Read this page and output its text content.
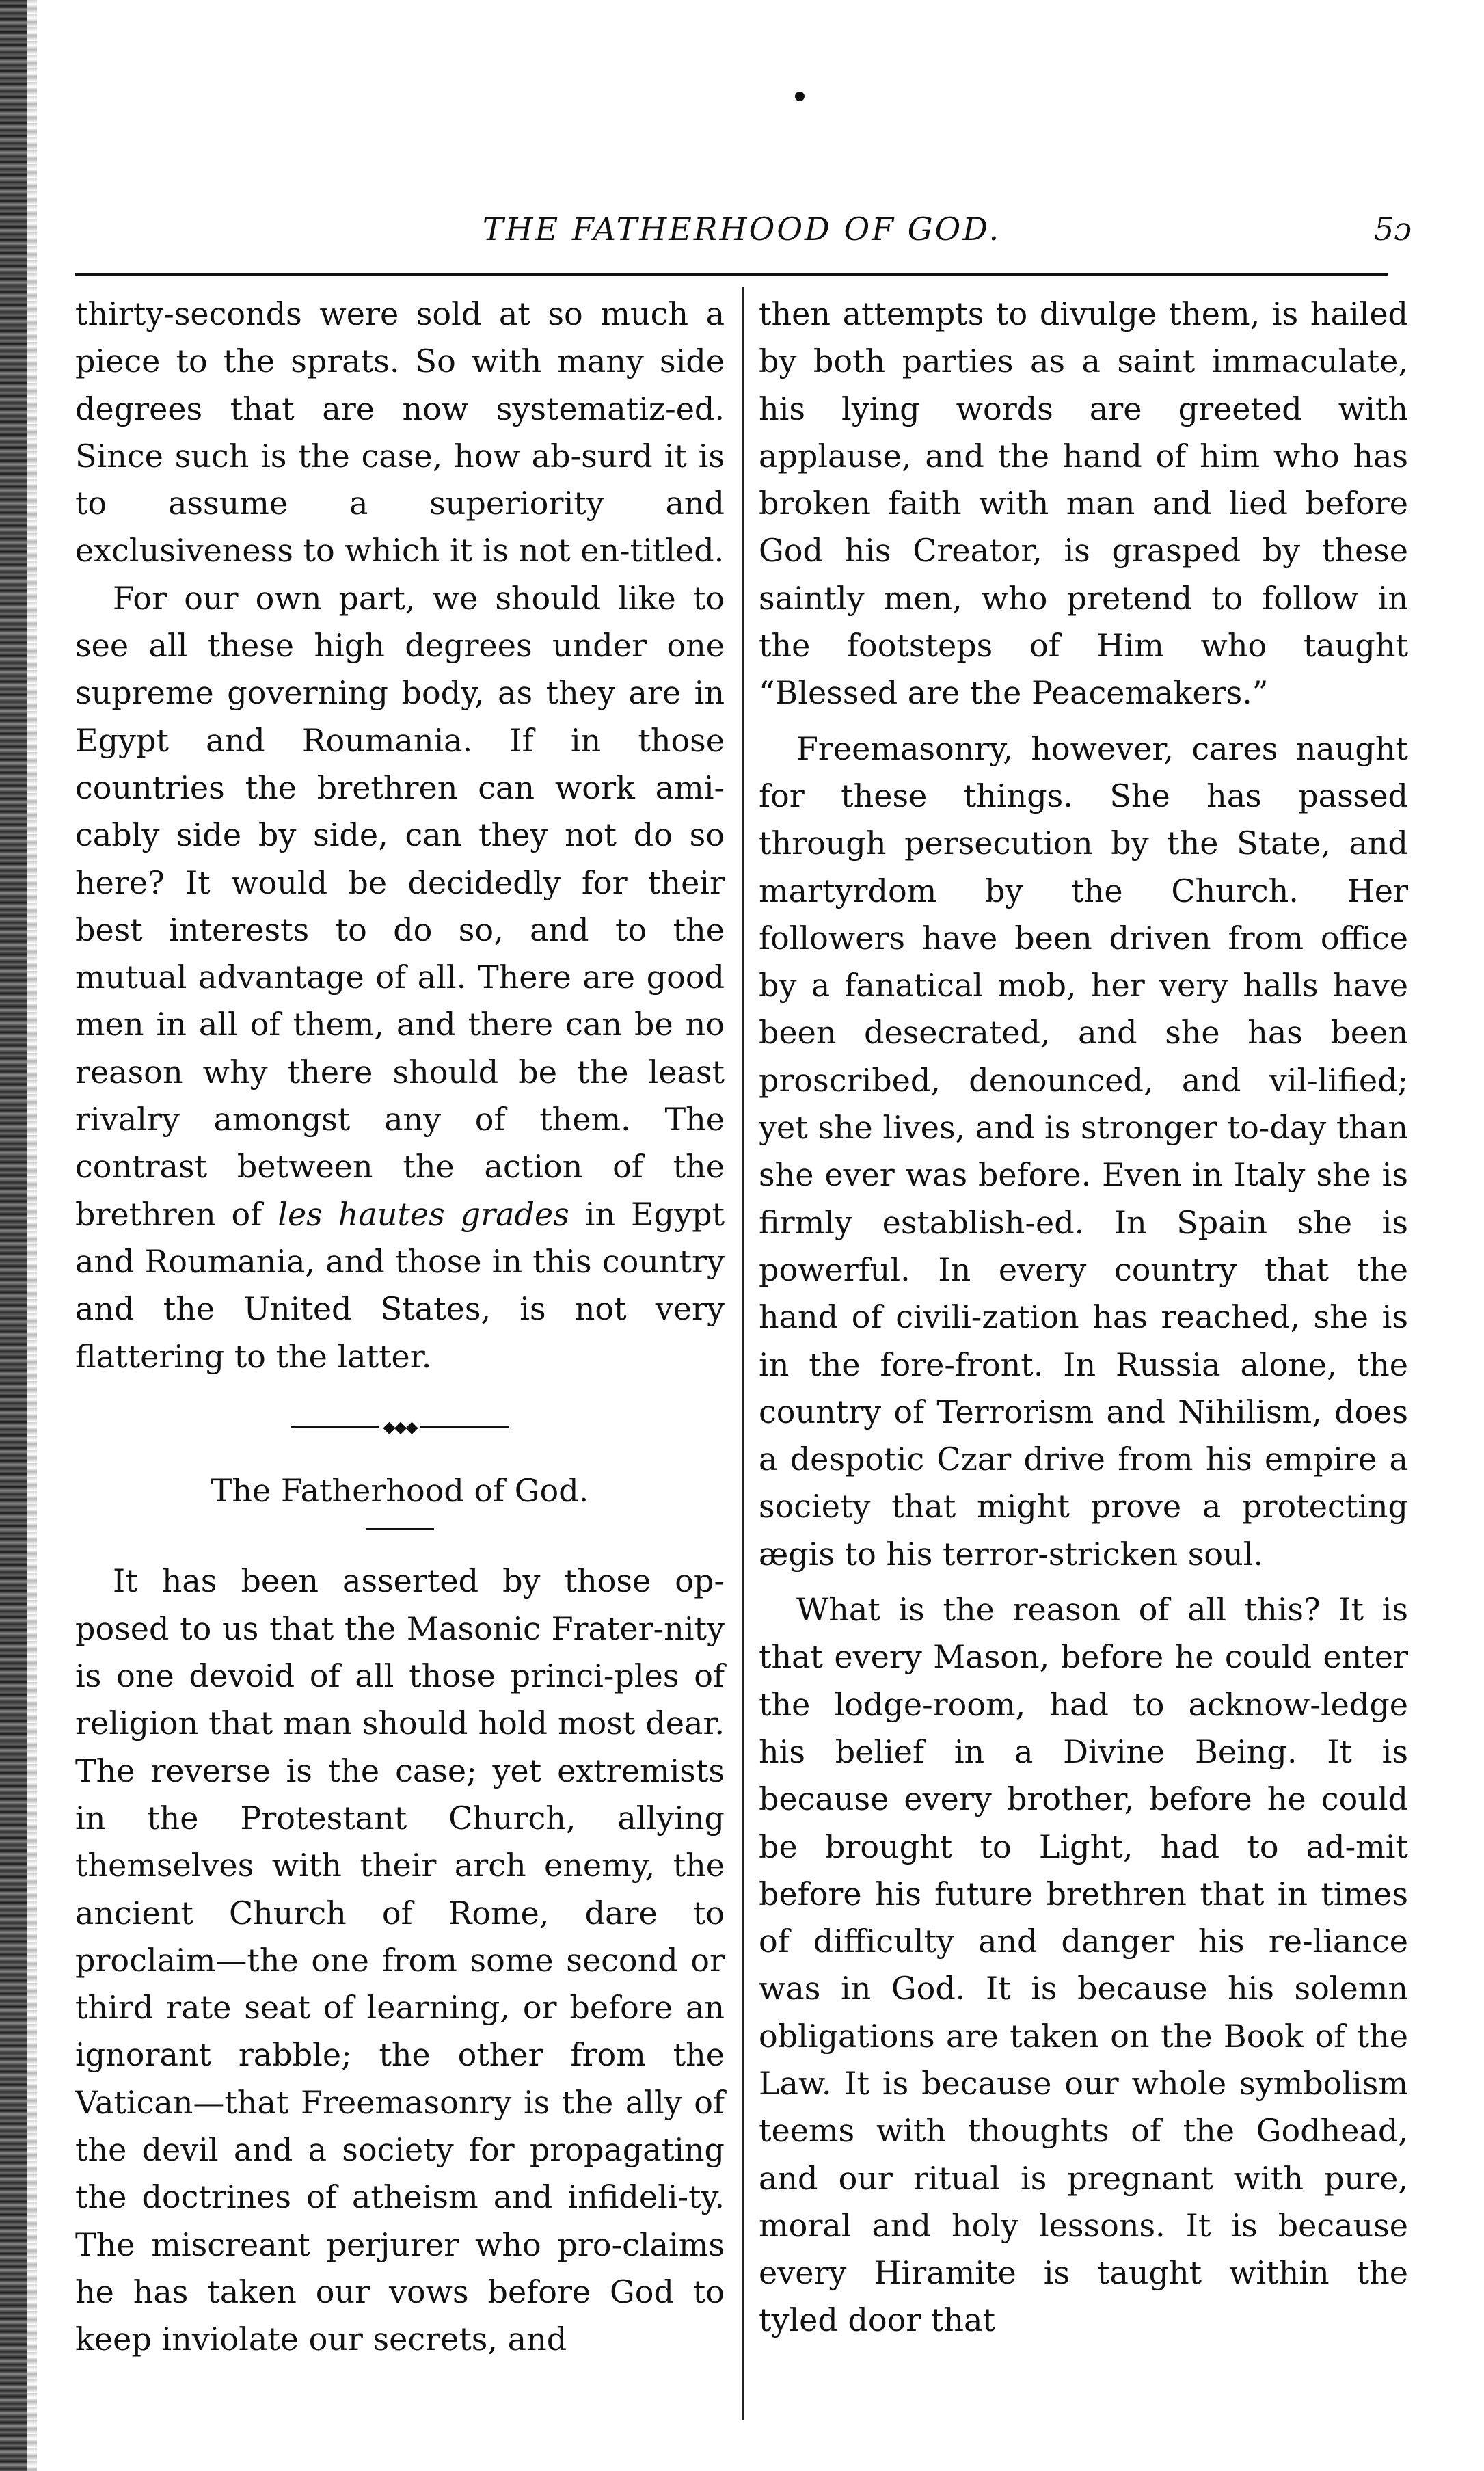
THE FATHERHOOD OF GOD.	5ɔ

thirty-seconds were sold at so much a piece to the sprats. So with many side degrees that are now systematiz-ed. Since such is the case, how ab-surd it is to assume a superiority and exclusiveness to which it is not en-titled.

For our own part, we should like to see all these high degrees under one supreme governing body, as they are in Egypt and Roumania. If in those countries the brethren can work ami-cably side by side, can they not do so here? It would be decidedly for their best interests to do so, and to the mutual advantage of all. There are good men in all of them, and there can be no reason why there should be the least rivalry amongst any of them. The contrast between the action of the brethren of les hautes grades in Egypt and Roumania, and those in this country and the United States, is not very flattering to the latter.

◆◆◆
The Fatherhood of God.

It has been asserted by those op-posed to us that the Masonic Frater-nity is one devoid of all those princi-ples of religion that man should hold most dear. The reverse is the case; yet extremists in the Protestant Church, allying themselves with their arch enemy, the ancient Church of Rome, dare to proclaim—the one from some second or third rate seat of learning, or before an ignorant rabble; the other from the Vatican—that Freemasonry is the ally of the devil and a society for propagating the doctrines of atheism and infideli-ty. The miscreant perjurer who pro-claims he has taken our vows before God to keep inviolate our secrets, and

then attempts to divulge them, is hailed by both parties as a saint immaculate, his lying words are greeted with applause, and the hand of him who has broken faith with man and lied before God his Creator, is grasped by these saintly men, who pretend to follow in the footsteps of Him who taught “Blessed are the Peacemakers.”

Freemasonry, however, cares naught for these things. She has passed through persecution by the State, and martyrdom by the Church. Her followers have been driven from office by a fanatical mob, her very halls have been desecrated, and she has been proscribed, denounced, and vil-lified; yet she lives, and is stronger to-day than she ever was before. Even in Italy she is firmly establish-ed. In Spain she is powerful. In every country that the hand of civili-zation has reached, she is in the fore-front. In Russia alone, the country of Terrorism and Nihilism, does a despotic Czar drive from his empire a society that might prove a protecting ægis to his terror-stricken soul.

What is the reason of all this? It is that every Mason, before he could enter the lodge-room, had to acknow-ledge his belief in a Divine Being. It is because every brother, before he could be brought to Light, had to ad-mit before his future brethren that in times of difficulty and danger his re-liance was in God. It is because his solemn obligations are taken on the Book of the Law. It is because our whole symbolism teems with thoughts of the Godhead, and our ritual is pregnant with pure, moral and holy lessons. It is because every Hiramite is taught within the tyled door that
